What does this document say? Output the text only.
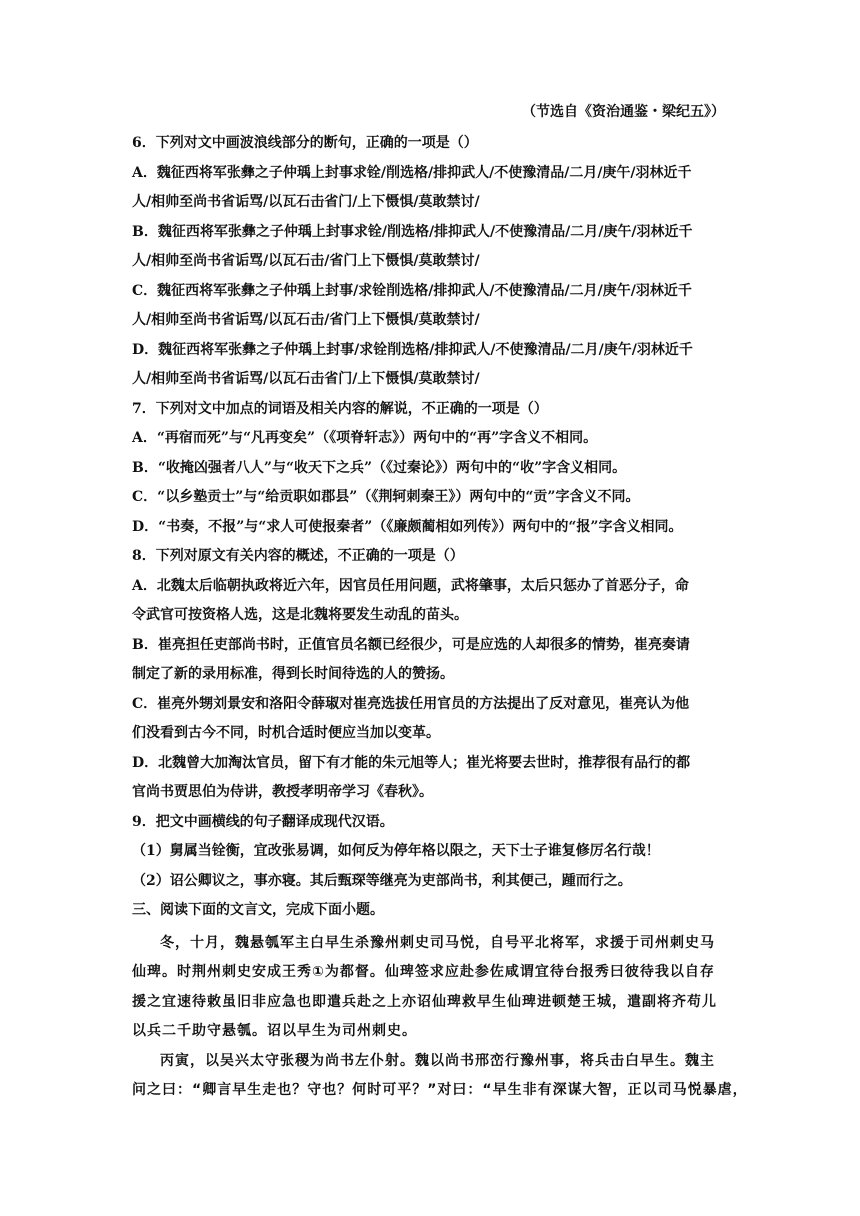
（节选自《资治通鉴・梁纪五》）
6．下列对文中画波浪线部分的断句，正确的一项是（）
A．魏征西将军张彝之子仲瑀上封事求铨/削选格/排抑武人/不使豫清品/二月/庚午/羽林近千
人/相帅至尚书省诟骂/以瓦石击省门/上下慑惧/莫敢禁讨/
B．魏征西将军张彝之子仲瑀上封事求铨/削选格/排抑武人/不使豫清品/二月/庚午/羽林近千
人/相帅至尚书省诟骂/以瓦石击/省门上下慑惧/莫敢禁讨/
C．魏征西将军张彝之子仲瑀上封事/求铨削选格/排抑武人/不使豫清品/二月/庚午/羽林近千
人/相帅至尚书省诟骂/以瓦石击/省门上下慑惧/莫敢禁讨/
D．魏征西将军张彝之子仲瑀上封事/求铨削选格/排抑武人/不使豫清品/二月/庚午/羽林近千
人/相帅至尚书省诟骂/以瓦石击省门/上下慑惧/莫敢禁讨/
7．下列对文中加点的词语及相关内容的解说，不正确的一项是（）
A．“再宿而死”与“凡再变矣”（《项脊轩志》）两句中的“再”字含义不相同。
B．“收掩凶强者八人”与“收天下之兵”（《过秦论》）两句中的“收”字含义相同。
C．“以乡塾贡士”与“给贡职如郡县”（《荆轲刺秦王》）两句中的“贡”字含义不同。
D．“书奏，不报”与“求人可使报秦者”（《廉颇蔺相如列传》）两句中的“报”字含义相同。
8．下列对原文有关内容的概述，不正确的一项是（）
A．北魏太后临朝执政将近六年，因官员任用问题，武将肇事，太后只惩办了首恶分子，命
令武官可按资格人选，这是北魏将要发生动乱的苗头。
B．崔亮担任吏部尚书时，正值官员名额已经很少，可是应选的人却很多的情势，崔亮奏请
制定了新的录用标准，得到长时间待选的人的赞扬。
C．崔亮外甥刘景安和洛阳令薛琡对崔亮选拔任用官员的方法提出了反对意见，崔亮认为他
们没看到古今不同，时机合适时便应当加以变革。
D．北魏曾大加淘汰官员，留下有才能的朱元旭等人；崔光将要去世时，推荐很有品行的都
官尚书贾思伯为侍讲，教授孝明帝学习《春秋》。
9．把文中画横线的句子翻译成现代汉语。
（1）舅属当铨衡，宜改张易调，如何反为停年格以限之，天下士子谁复修厉名行哉！
（2）诏公卿议之，事亦寝。其后甄琛等继亮为吏部尚书，利其便己，踵而行之。
三、阅读下面的文言文，完成下面小题。
冬，十月，魏悬瓠军主白早生杀豫州刺史司马悦，自号平北将军，求援于司州刺史马
仙琕。时荆州刺史安成王秀①为都督。仙琕签求应赴参佐咸谓宜待台报秀曰彼待我以自存
援之宜速待敕虽旧非应急也即遣兵赴之上亦诏仙琕救早生仙琕进顿楚王城，遣副将齐苟儿
以兵二千助守悬瓠。诏以早生为司州刺史。
丙寅，以吴兴太守张稷为尚书左仆射。魏以尚书邢峦行豫州事，将兵击白早生。魏主
问之曰：“卿言早生走也？守也？何时可平？”对曰：“早生非有深谋大智，正以司马悦暴虐，
